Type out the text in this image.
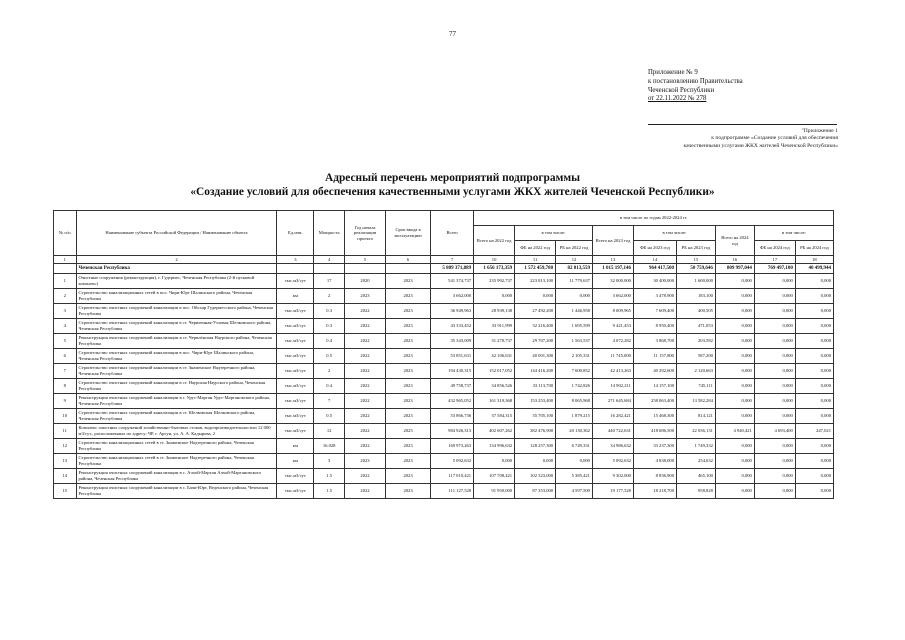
77
Приложение № 9
к постановлению Правительства
Чеченской Республики
от 22.11.2022 № 278
"Приложение 1
к подпрограмме «Создание условий для обеспечения
качественными услугами ЖКХ жителей Чеченской Республики»
Адресный перечень мероприятий подпрограммы
«Создание условий для обеспечения качественными услугами ЖКХ жителей Чеченской Республики»
№ п/п	Наименование субъекта Российской Федерации / Наименование объекта	Ед.изм.	Мощность	Год начала реализации проекта	Срок ввода в эксплуатацию	Всего	в том числе по годам 2022-2024 гг.								
							Всего на 2022 год	в том числе:		Всего на 2023 год	в том числе:		Всего на 2024 год	в том числе:	
								ФБ на 2022 год	РБ на 2022 год		ФБ на 2023 год	РБ на 2023 год		ФБ на 2024 год	РБ на 2024 год
1	2	3	4	5	6	7	10	11	12	13	14	15	16	17	18
	Чеченская Республика					5 809 371,889	1 656 173,359	1 572 459,780	82 813,559	1 015 197,146	964 417,500	50 759,646	809 997,044	769 497,100	40 499,944
1	Очистные сооружения (реконструкция), г. Гудермес, Чеченская Республика (2-й пусковой комплекс)	тыс.м3/сут	17	2020	2023	541 374,737	235 992,737	223 813,100	11 779,637	32 000,000	30 400,000	1 600,000	0,000	0,000	0,000
2	Строительство канализационных сетей в пос. Чири-Юрт Шалинского района, Чеченская Республика	км	2	2023	2023	3 662,000	0,000	0,000	0,000	3 662,000	3 478,900	183,100	0,000	0,000	0,000
3	Строительство очистных сооружений канализации в пос. Ойсхар Гудермесского района, Чеченская Республика	тыс.м3/сут	0.3	2022	2023	36 949,963	28 939,138	27 492,200	1 446,958	8 009,965	7 609,400	400,505	0,000	0,000	0,000
4	Строительство очистных сооружений канализации в ст. Червленная-Узловая Шелковского района, Чеченская Республика	тыс.м3/сут	0.3	2022	2023	43 333,452	33 911,999	32 216,400	1 695,599	9 421,453	8 950,400	471,053	0,000	0,000	0,000
5	Реконструкция очистных сооружений канализации в ст. Червлёнская Наурского района, Чеченская Республика	тыс.м3/сут	0.4	2022	2023	35 343,009	31 270,737	29 707,200	1 563,537	4 072,282	3 868,700	203,582	0,000	0,000	0,000
6	Строительство очистных сооружений канализации в пос. Чири-Юрт Шалинского района, Чеченская Республика	тыс.м3/сут	0.5	2022	2023	53 851,631	42 106,631	40 001,300	2 105,331	11 745,000	11 157,800	587,200	0,000	0,000	0,000
7	Строительство очистных сооружений канализации в ст. Знаменское Надтеречного района, Чеченская Республика	тыс.м3/сут	2	2022	2023	194 430,315	152 017,052	144 416,200	7 600,852	42 413,263	40 292,600	2 120,663	0,000	0,000	0,000
8	Строительство очистных сооружений канализации в ст. Наурская Наурского района, Чеченская Республика	тыс.м3/сут	0.4	2022	2023	49 758,737	34 856,526	33 113,700	1 742,826	14 902,211	14 157,100	745,111	0,000	0,000	0,000
9	Реконструкция очистных сооружений канализации в г. Урус-Мартан Урус-Мартановского района, Чеченская Республика	тыс.м3/сут	7	2022	2023	432 965,052	161 319,368	153 253,400	8 065,968	271 645,684	258 063,400	13 582,284	0,000	0,000	0,000
10	Строительство очистных сооружений канализации в ст. Шелковская Шелковского района, Чеченская Республика	тыс.м3/сут	0.5	2022	2023	53 866,736	37 584,315	35 705,100	1 879,215	16 282,421	15 468,300	814,121	0,000	0,000	0,000
11	Комплекс очистных сооружений хозяйственно-бытовых стоков, водопроизводительностью 12 000 м3/сут., расположенных по адресу: ЧР, г. Аргун, ул. А. А. Кадырова, 2	тыс.м3/сут	12	2022	2025	984 926,313	402 607,262	382 476,900	20 130,362	440 722,631	418 686,500	22 036,131	4 940,421	4 693,400	247,021
12	Строительство канализационных сетей в ст. Знаменское Надтеречного района, Чеченская Республика	км	16.028	2022	2023	169 973,263	134 996,632	128 257,300	6 749,331	34 986,632	33 237,300	1 749,332	0,000	0,000	0,000
13	Строительство канализационных сетей в ст. Знаменское Надтеречного района, Чеченская Республика	км	3	2023	2023	5 092,632	0,000	0,000	0,000	5 092,632	4 838,000	254,632	0,000	0,000	0,000
14	Реконструкция очистных сооружений канализации в с. Ачхой-Мартан Ачхой-Мартановского района, Чеченская Республика	тыс.м3/сут	1.5	2022	2023	117 010,421	107 708,421	102 323,000	5 385,421	9 302,000	8 836,900	465,100	0,000	0,000	0,000
15	Реконструкция очистных сооружений канализации в с. Бачи-Юрт, Веденского района, Чеченская Республика	тыс.м3/сут	1.5	2022	2023	111 127,528	91 950,000	87 353,000	4 597,500	19 177,528	18 218,700	958,828	0,000	0,000	0,000
